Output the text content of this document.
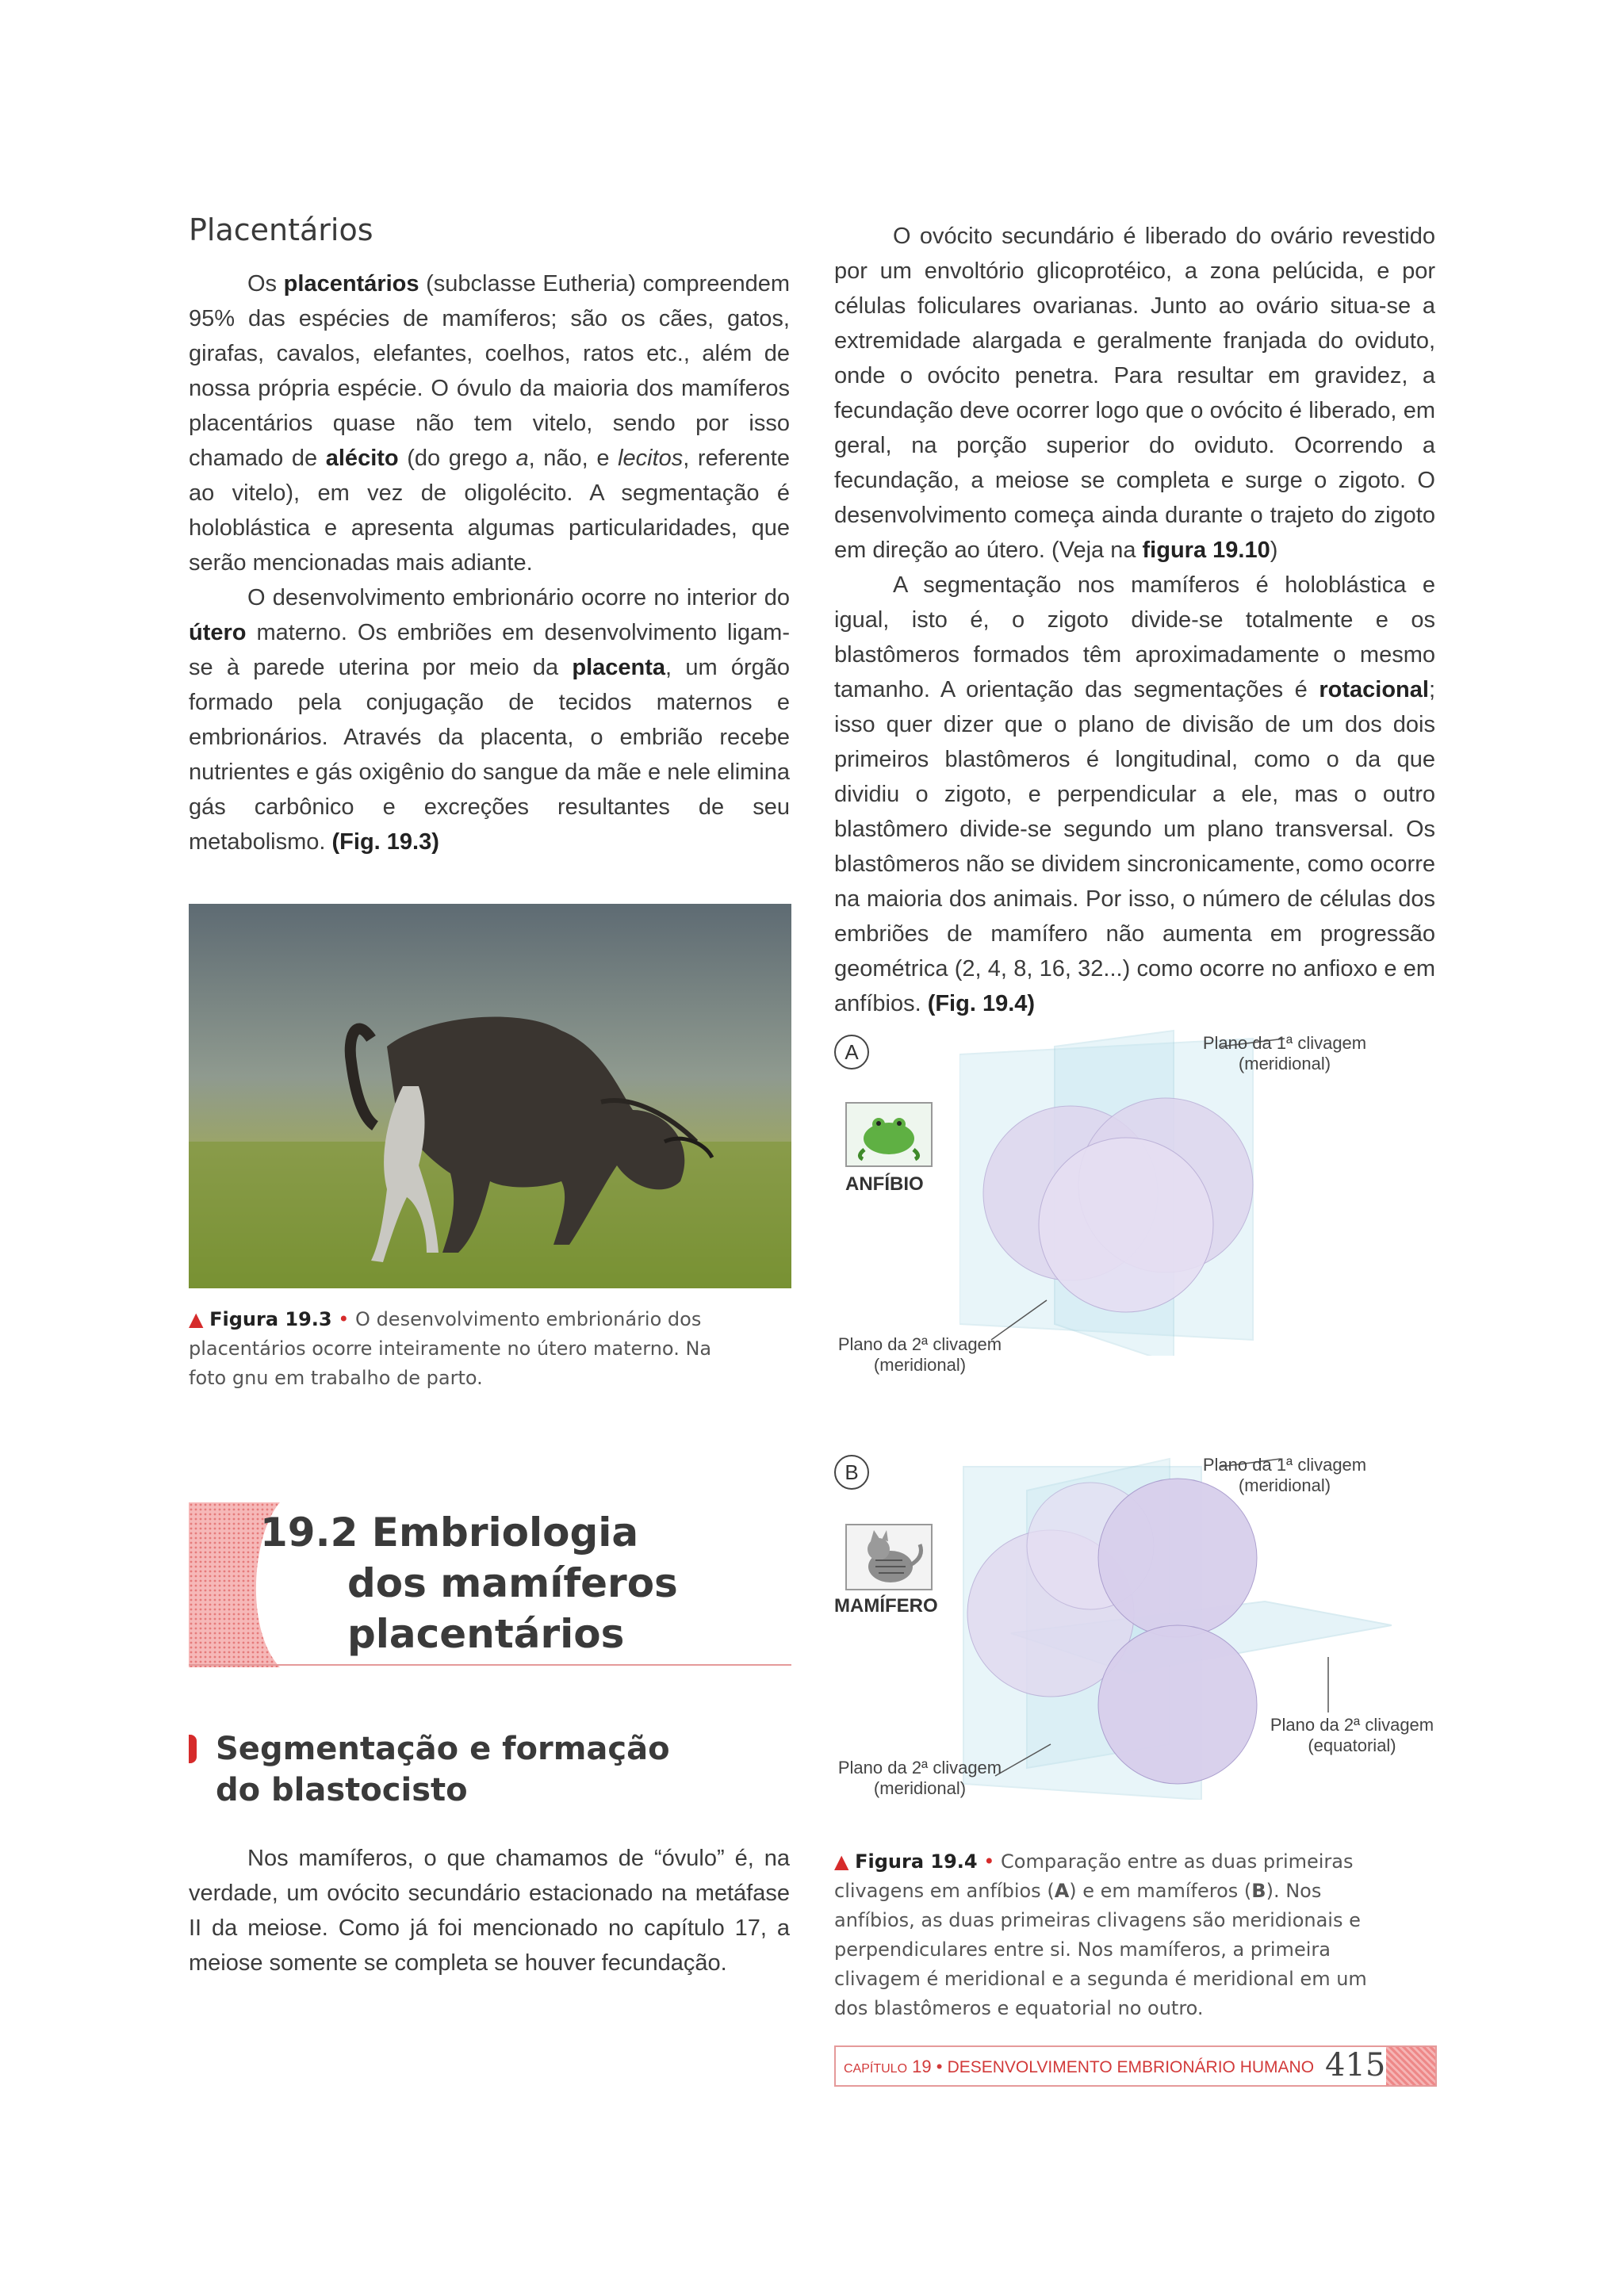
Placentários

Os placentários (subclasse Eutheria) compreendem 95% das espécies de mamíferos; são os cães, gatos, girafas, cavalos, elefantes, coelhos, ratos etc., além de nossa própria espécie. O óvulo da maioria dos mamíferos placentários quase não tem vitelo, sendo por isso chamado de alécito (do grego a, não, e lecitos, referente ao vitelo), em vez de oligolécito. A segmentação é holoblástica e apresenta algumas particularidades, que serão mencionadas mais adiante.

O desenvolvimento embrionário ocorre no interior do útero materno. Os embriões em desenvolvimento ligam-se à parede uterina por meio da placenta, um órgão formado pela conjugação de tecidos maternos e embrionários. Através da placenta, o embrião recebe nutrientes e gás oxigênio do sangue da mãe e nele elimina gás carbônico e excreções resultantes de seu metabolismo. (Fig. 19.3)

▲ Figura 19.3 • O desenvolvimento embrionário dos placentários ocorre inteiramente no útero materno. Na foto gnu em trabalho de parto.
19.2 Embriologia
dos mamíferos
placentários
Segmentação e formação
do blastocisto

Nos mamíferos, o que chamamos de “óvulo” é, na verdade, um ovócito secundário estacionado na metáfase II da meiose. Como já foi mencionado no capítulo 17, a meiose somente se completa se houver fecundação.

O ovócito secundário é liberado do ovário revestido por um envoltório glicoprotéico, a zona pelúcida, e por células foliculares ovarianas. Junto ao ovário situa-se a extremidade alargada e geralmente franjada do oviduto, onde o ovócito penetra. Para resultar em gravidez, a fecundação deve ocorrer logo que o ovócito é liberado, em geral, na porção superior do oviduto. Ocorrendo a fecundação, a meiose se completa e surge o zigoto. O desenvolvimento começa ainda durante o trajeto do zigoto em direção ao útero. (Veja na figura 19.10)

A segmentação nos mamíferos é holoblástica e igual, isto é, o zigoto divide-se totalmente e os blastômeros formados têm aproximadamente o mesmo tamanho. A orientação das segmentações é rotacional; isso quer dizer que o plano de divisão de um dos dois primeiros blastômeros é longitudinal, como o da que dividiu o zigoto, e perpendicular a ele, mas o outro blastômero divide-se segundo um plano transversal. Os blastômeros não se dividem sincronicamente, como ocorre na maioria dos animais. Por isso, o número de células dos embriões de mamífero não aumenta em progressão geométrica (2, 4, 8, 16, 32...) como ocorre no anfioxo e em anfíbios. (Fig. 19.4)

A
ANFÍBIO
Plano da 1ª clivagem
(meridional)
Plano da 2ª clivagem
(meridional)
B
MAMÍFERO
Plano da 1ª clivagem
(meridional)
Plano da 2ª clivagem
(equatorial)
Plano da 2ª clivagem
(meridional)
▲ Figura 19.4 • Comparação entre as duas primeiras clivagens em anfíbios (A) e em mamíferos (B). Nos anfíbios, as duas primeiras clivagens são meridionais e perpendiculares entre si. Nos mamíferos, a primeira clivagem é meridional e a segunda é meridional em um dos blastômeros e equatorial no outro.
CAPÍTULO 19 • DESENVOLVIMENTO EMBRIONÁRIO HUMANO 415
